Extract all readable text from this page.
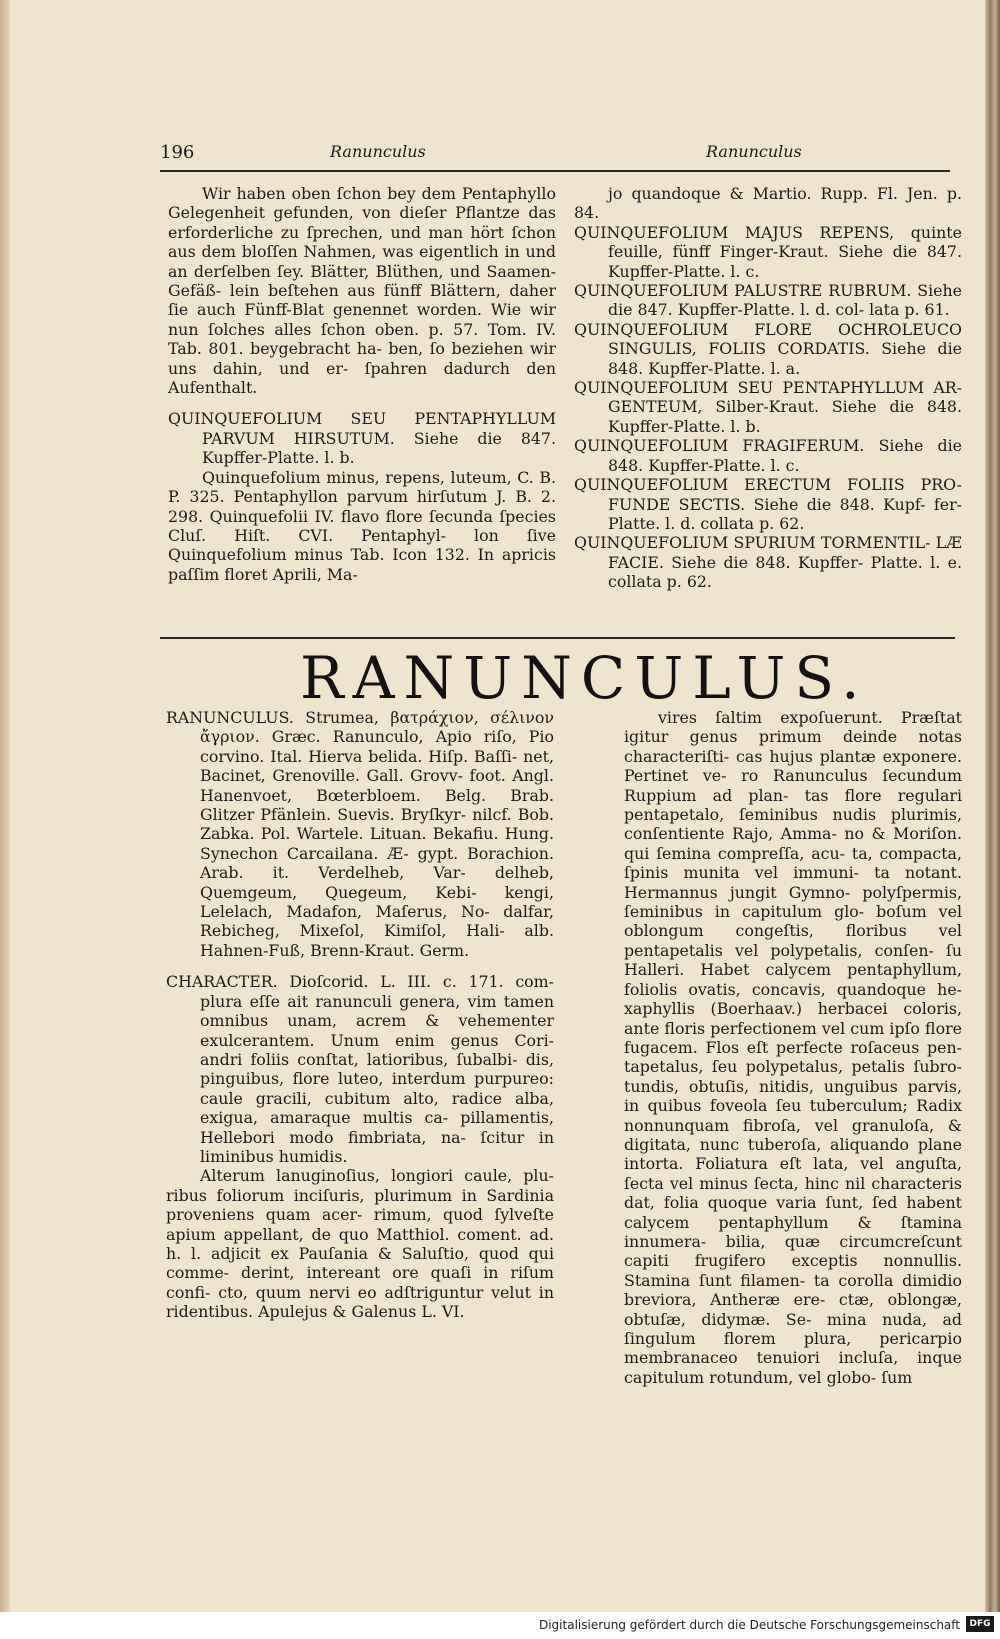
196	Ranunculus	Ranunculus

Wir haben oben ſchon bey dem Pentaphyllo Gelegenheit gefunden, von dieſer Pflantze das erforderliche zu ſprechen, und man hört ſchon aus dem bloſſen Nahmen, was eigentlich in und an derſelben ſey. Blätter, Blüthen, und Saamen-Gefäß- lein beſtehen aus fünff Blättern, daher ſie auch Fünff-Blat genennet worden. Wie wir nun ſolches alles ſchon oben. p. 57. Tom. IV. Tab. 801. beygebracht ha- ben, ſo beziehen wir uns dahin, und er- ſpahren dadurch den Aufenthalt.

QUINQUEFOLIUM SEU PENTAPHYLLUM PARVUM HIRSUTUM. Siehe die 847. Kupffer-Platte. l. b.

Quinquefolium minus, repens, luteum, C. B. P. 325. Pentaphyllon parvum hirſutum J. B. 2. 298. Quinquefolii IV. flavo flore ſecunda ſpecies Cluſ. Hiſt. CVI. Pentaphyl- lon ſive Quinquefolium minus Tab. Icon 132. In apricis paſſim floret Aprili, Ma-

jo quandoque & Martio. Rupp. Fl. Jen. p. 84.

QUINQUEFOLIUM MAJUS REPENS, quinte feuille, fünff Finger-Kraut. Siehe die 847. Kupffer-Platte. l. c.

QUINQUEFOLIUM PALUSTRE RUBRUM. Siehe die 847. Kupffer-Platte. l. d. col- lata p. 61.

QUINQUEFOLIUM FLORE OCHROLEUCO SINGULIS, FOLIIS CORDATIS. Siehe die 848. Kupffer-Platte. l. a.

QUINQUEFOLIUM SEU PENTAPHYLLUM AR- GENTEUM, Silber-Kraut. Siehe die 848. Kupffer-Platte. l. b.

QUINQUEFOLIUM FRAGIFERUM. Siehe die 848. Kupffer-Platte. l. c.

QUINQUEFOLIUM ERECTUM FOLIIS PRO- FUNDE SECTIS. Siehe die 848. Kupf- fer-Platte. l. d. collata p. 62.

QUINQUEFOLIUM SPURIUM TORMENTIL- LÆ FACIE. Siehe die 848. Kupffer- Platte. l. e. collata p. 62.

RANUNCULUS.

RANUNCULUS. Strumea, βατράχιον, σέλινον ἄγριον. Græc. Ranunculo, Apio riſo, Pio corvino. Ital. Hierva belida. Hiſp. Baſſi- net, Bacinet, Grenoville. Gall. Grovv- foot. Angl. Hanenvoet, Bœterbloem. Belg. Brab. Glitzer Pfänlein. Suevis. Bryſkyr- nilcf. Bob. Zabka. Pol. Wartele. Lituan. Bekafiu. Hung. Synechon Carcailana. Æ- gypt. Borachion. Arab. it. Verdelheb, Var- delheb, Quemgeum, Quegeum, Kebi- kengi, Lelelach, Madafon, Maſerus, No- dalfar, Rebicheg, Mixeſol, Kimiſol, Hali- alb. Hahnen-Fuß, Brenn-Kraut. Germ.

CHARACTER. Dioſcorid. L. III. c. 171. com- plura eſſe ait ranunculi genera, vim tamen omnibus unam, acrem & vehementer exulcerantem. Unum enim genus Cori- andri foliis conſtat, latioribus, ſubalbi- dis, pinguibus, flore luteo, interdum purpureo: caule gracili, cubitum alto, radice alba, exigua, amaraque multis ca- pillamentis, Hellebori modo fimbriata, na- ſcitur in liminibus humidis.

Alterum lanuginoſius, longiori caule, plu- ribus foliorum inciſuris, plurimum in Sardinia proveniens quam acer- rimum, quod ſylveſte apium appellant, de quo Matthiol. coment. ad. h. l. adjicit ex Pauſania & Saluſtio, quod qui comme- derint, intereant ore quaſi in riſum confi- cto, quum nervi eo adſtriguntur velut in ridentibus. Apulejus & Galenus L. VI.

vires ſaltim expoſuerunt. Præſtat igitur genus primum deinde notas characteriſti- cas hujus plantæ exponere. Pertinet ve- ro Ranunculus ſecundum Ruppium ad plan- tas flore regulari pentapetalo, ſeminibus nudis plurimis, conſentiente Rajo, Amma- no & Moriſon. qui ſemina compreſſa, acu- ta, compacta, ſpinis munita vel immuni- ta notant. Hermannus jungit Gymno- polyſpermis, ſeminibus in capitulum glo- boſum vel oblongum congeſtis, floribus vel pentapetalis vel polypetalis, conſen- ſu Halleri. Habet calycem pentaphyllum, foliolis ovatis, concavis, quandoque he- xaphyllis (Boerhaav.) herbacei coloris, ante floris perfectionem vel cum ipſo flore fugacem. Flos eſt perfecte roſaceus pen- tapetalus, ſeu polypetalus, petalis ſubro- tundis, obtuſis, nitidis, unguibus parvis, in quibus foveola ſeu tuberculum; Radix nonnunquam fibroſa, vel granuloſa, & digitata, nunc tuberoſa, aliquando plane intorta. Foliatura eſt lata, vel anguſta, ſecta vel minus ſecta, hinc nil characteris dat, folia quoque varia ſunt, ſed habent calycem pentaphyllum & ſtamina innumera- bilia, quæ circumcreſcunt capiti frugifero exceptis nonnullis. Stamina ſunt filamen- ta corolla dimidio breviora, Antheræ ere- ctæ, oblongæ, obtuſæ, didymæ. Se- mina nuda, ad ſingulum florem plura, pericarpio membranaceo tenuiori incluſa, inque capitulum rotundum, vel globo- ſum

Digitalisierung gefördert durch die Deutsche Forschungsgemeinschaft	DFG
